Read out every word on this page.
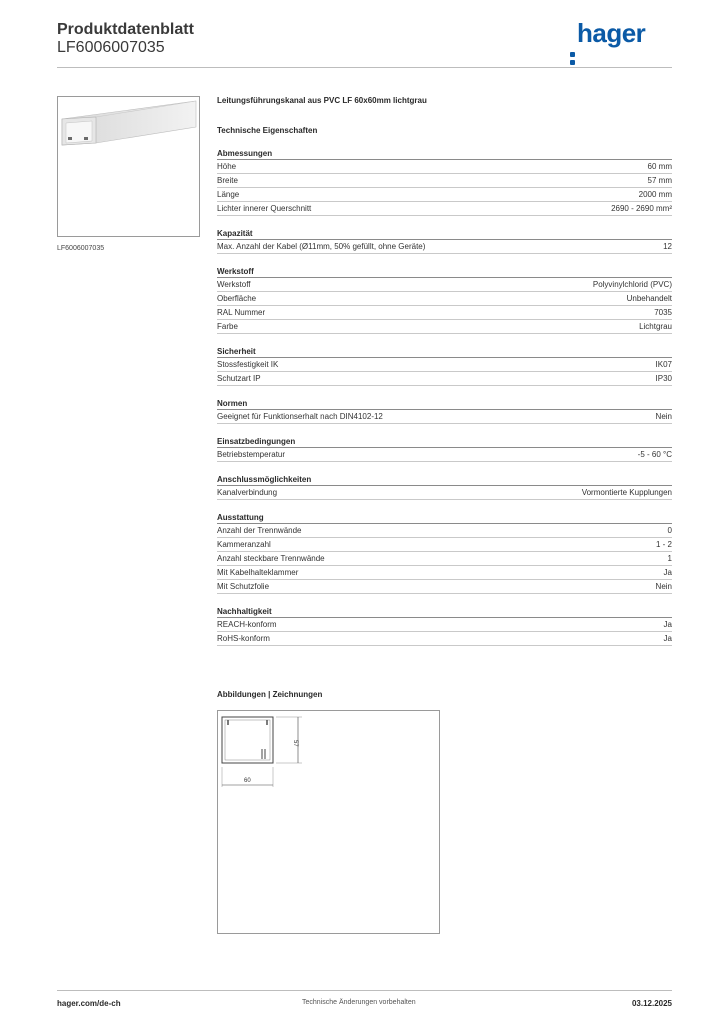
Produktdatenblatt
LF6006007035	hager
LF6006007035
Leitungsführungskanal aus PVC LF 60x60mm lichtgrau
Technische Eigenschaften
Abmessungen
Höhe	60 mm
Breite	57 mm
Länge	2000 mm
Lichter innerer Querschnitt	2690 - 2690 mm²
Kapazität
Max. Anzahl der Kabel (Ø11mm, 50% gefüllt, ohne Geräte)	12
Werkstoff
Werkstoff	Polyvinylchlorid (PVC)
Oberfläche	Unbehandelt
RAL Nummer	7035
Farbe	Lichtgrau
Sicherheit
Stossfestigkeit IK	IK07
Schutzart IP	IP30
Normen
Geeignet für Funktionserhalt nach DIN4102-12	Nein
Einsatzbedingungen
Betriebstemperatur	-5 - 60 °C
Anschlussmöglichkeiten
Kanalverbindung	Vormontierte Kupplungen
Ausstattung
Anzahl der Trennwände	0
Kammeranzahl	1 - 2
Anzahl steckbare Trennwände	1
Mit Kabelhalteklammer	Ja
Mit Schutzfolie	Nein
Nachhaltigkeit
REACH-konform	Ja
RoHS-konform	Ja
Abbildungen | Zeichnungen
57
60
hager.com/de-ch	Technische Änderungen vorbehalten	03.12.2025
